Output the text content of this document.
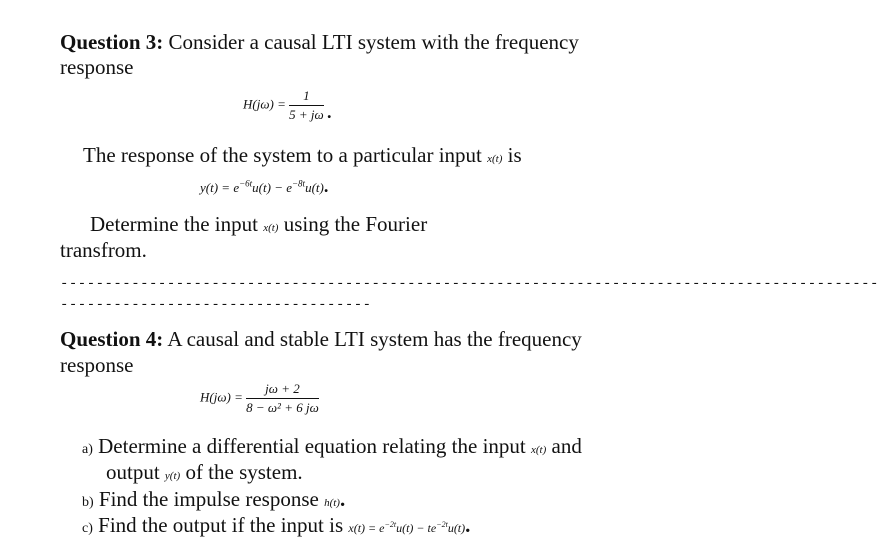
Question 3: Consider a causal LTI system with the frequency
response
$H(j\omega) = \frac{1}{5 + j\omega}$ .
The response of the system to a particular input x(t) is
$y(t) = e^{-6t}u(t) - e^{-8t}u(t)$.
Determine the input x(t) using the Fourier
transfrom.
--------------------------------------------------------------------------------------------
-----------------------------------
Question 4: A causal and stable LTI system has the frequency
response
$H(j\omega) = \frac{j\omega + 2}{\text{8 − ω² + 6 jω}}$
a) Determine a differential equation relating the input x(t) and
output y(t) of the system.
b) Find the impulse response h(t).
c) Find the output if the input is $x(t) = e^{-2t}u(t) - te^{-2t}u(t)$.
